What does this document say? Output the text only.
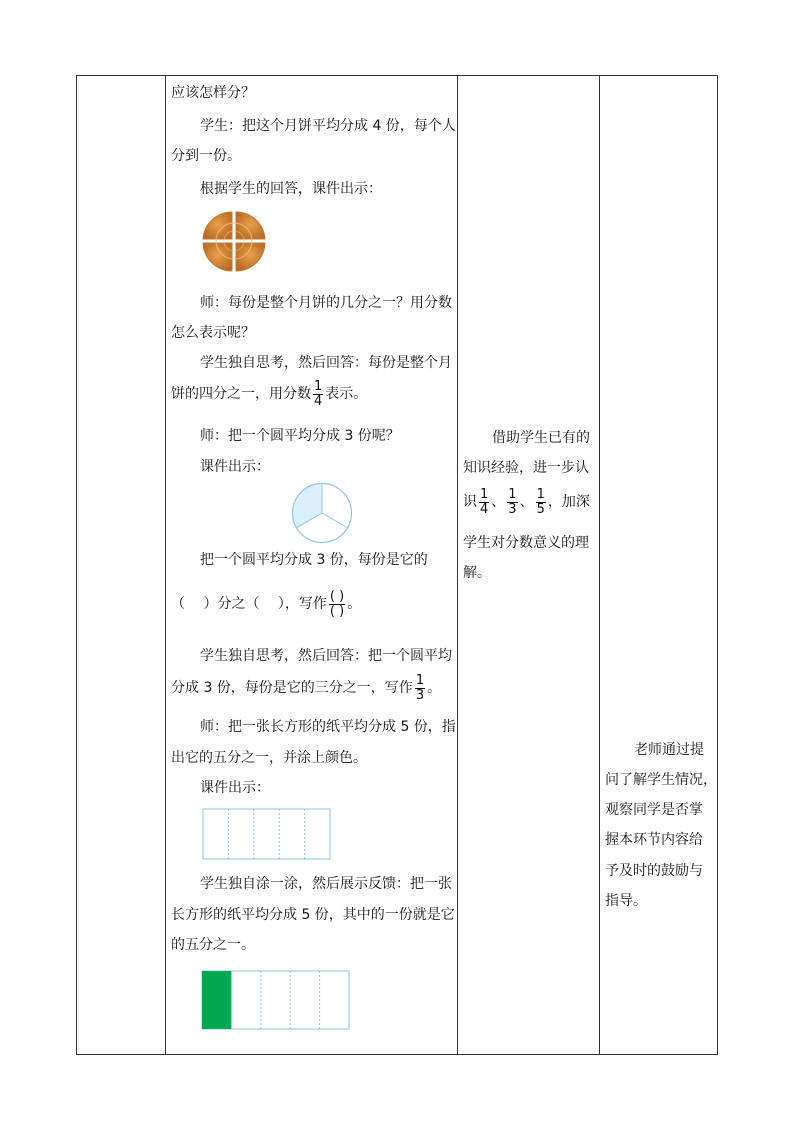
应该怎样分？
学生：把这个月饼平均分成 4 份，每个人
分到一份。
根据学生的回答，课件出示：
师：每份是整个月饼的几分之一？用分数
怎么表示呢？
学生独自思考，然后回答：每份是整个月
饼的四分之一，用分数 $\frac{1}{4}$ 表示。
师：把一个圆平均分成 3 份呢？
课件出示：
把一个圆平均分成 3 份，每份是它的
（　 ）分之（　 ），写作 $\frac{( )}{( )}$ 。
学生独自思考，然后回答：把一个圆平均
分成 3 份，每份是它的三分之一，写作 $\frac{1}{3}$ 。
师：把一张长方形的纸平均分成 5 份，指
出它的五分之一，并涂上颜色。
课件出示：
学生独自涂一涂，然后展示反馈：把一张
长方形的纸平均分成 5 份，其中的一份就是它
的五分之一。
借助学生已有的
知识经验，进一步认
识 $\frac{1}{4}$ 、 $\frac{1}{3}$ 、 $\frac{1}{5}$ ，加深
学生对分数意义的理
解。
老师通过提
问了解学生情况，
观察同学是否掌
握本环节内容给
予及时的鼓励与
指导。
